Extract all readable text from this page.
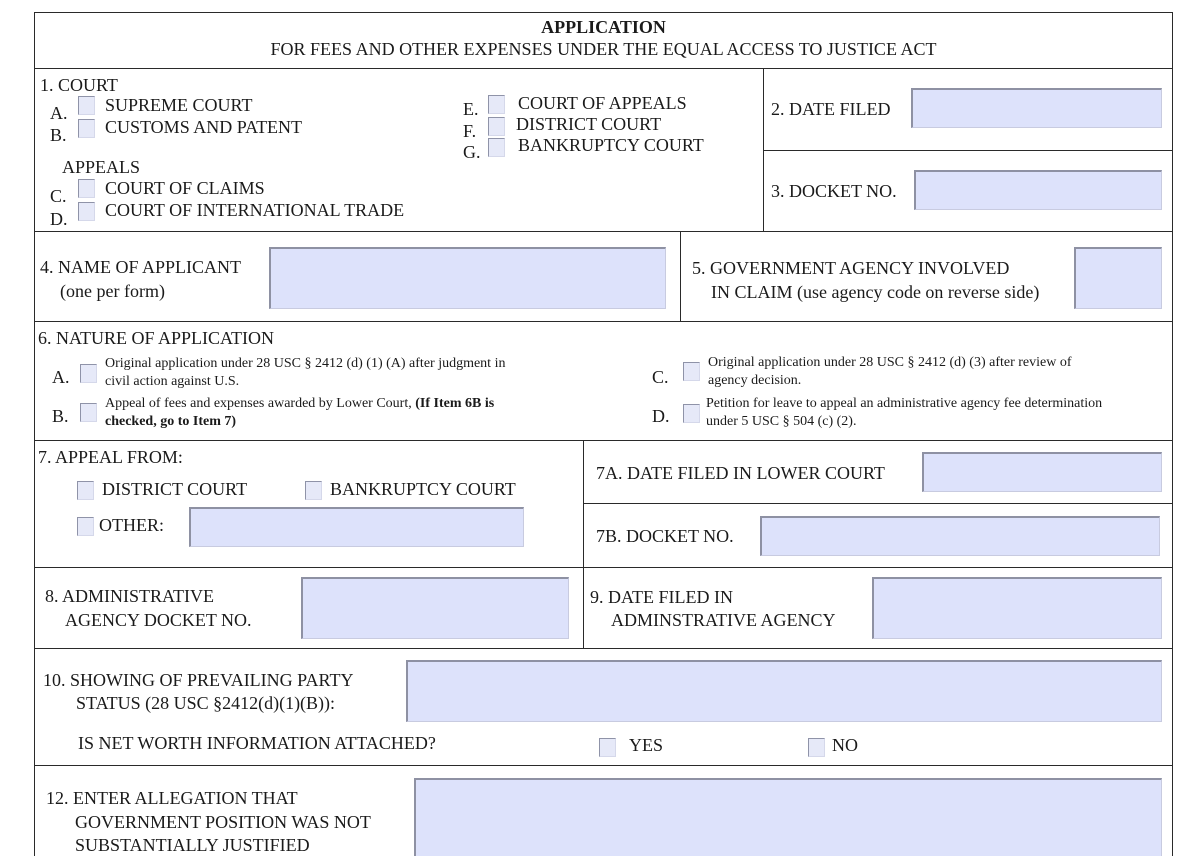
APPLICATION
FOR FEES AND OTHER EXPENSES UNDER THE EQUAL ACCESS TO JUSTICE ACT
1. COURT
A. SUPREME COURT
B. CUSTOMS AND PATENT
APPEALS
C. COURT OF CLAIMS
D. COURT OF INTERNATIONAL TRADE
E. COURT OF APPEALS
F. DISTRICT COURT
G. BANKRUPTCY COURT
2. DATE FILED
3. DOCKET NO.
4. NAME OF APPLICANT
(one per form)
5. GOVERNMENT AGENCY INVOLVED
IN CLAIM (use agency code on reverse side)
6. NATURE OF APPLICATION
A.
Original application under 28 USC § 2412 (d) (1) (A) after judgment in
civil action against U.S.
B.
Appeal of fees and expenses awarded by Lower Court, (If Item 6B is
checked, go to Item 7)
C.
Original application under 28 USC § 2412 (d) (3) after review of
agency decision.
D.
Petition for leave to appeal an administrative agency fee determination
under 5 USC § 504 (c) (2).
7. APPEAL FROM:
DISTRICT COURT	BANKRUPTCY COURT
OTHER:
7A. DATE FILED IN LOWER COURT
7B. DOCKET NO.
8. ADMINISTRATIVE
AGENCY DOCKET NO.
9. DATE FILED IN
ADMINSTRATIVE AGENCY
10. SHOWING OF PREVAILING PARTY
STATUS (28 USC §2412(d)(1)(B)):
IS NET WORTH INFORMATION ATTACHED?	YES	NO
12. ENTER ALLEGATION THAT
GOVERNMENT POSITION WAS NOT
SUBSTANTIALLY JUSTIFIED
